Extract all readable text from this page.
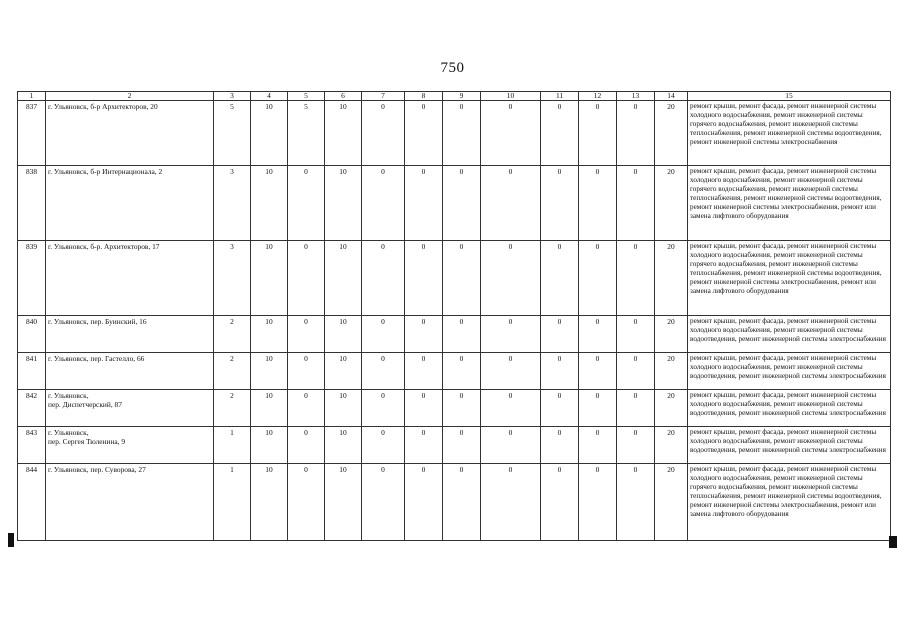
750
1	2	3	4	5	6	7	8	9	10	11	12	13	14	15
837	г. Ульяновск, б-р Архитекторов, 20	5	10	5	10	0	0	0	0	0	0	0	20	ремонт крыши, ремонт фасада, ремонт инженерной системы холодного водоснабжения, ремонт инженерной системы горячего водоснабжения, ремонт инженерной системы теплоснабжения, ремонт инженерной системы водоотведения, ремонт инженерной системы электроснабжения
838	г. Ульяновск, б-р Интернационала, 2	3	10	0	10	0	0	0	0	0	0	0	20	ремонт крыши, ремонт фасада, ремонт инженерной системы холодного водоснабжения, ремонт инженерной системы горячего водоснабжения, ремонт инженерной системы теплоснабжения, ремонт инженерной системы водоотведения, ремонт инженерной системы электроснабжения, ремонт или замена лифтового оборудования
839	г. Ульяновск, б-р. Архитекторов, 17	3	10	0	10	0	0	0	0	0	0	0	20	ремонт крыши, ремонт фасада, ремонт инженерной системы холодного водоснабжения, ремонт инженерной системы горячего водоснабжения, ремонт инженерной системы теплоснабжения, ремонт инженерной системы водоотведения, ремонт инженерной системы электроснабжения, ремонт или замена лифтового оборудования
840	г. Ульяновск, пер. Буинский, 16	2	10	0	10	0	0	0	0	0	0	0	20	ремонт крыши, ремонт фасада, ремонт инженерной системы холодного водоснабжения, ремонт инженерной системы водоотведения, ремонт инженерной системы электроснабжения
841	г. Ульяновск, пер. Гастелло, 66	2	10	0	10	0	0	0	0	0	0	0	20	ремонт крыши, ремонт фасада, ремонт инженерной системы холодного водоснабжения, ремонт инженерной системы водоотведения, ремонт инженерной системы электроснабжения
842	г. Ульяновск,
пер. Диспетчерский, 87	2	10	0	10	0	0	0	0	0	0	0	20	ремонт крыши, ремонт фасада, ремонт инженерной системы холодного водоснабжения, ремонт инженерной системы водоотведения, ремонт инженерной системы электроснабжения
843	г. Ульяновск,
пер. Сергея Тюленина, 9	1	10	0	10	0	0	0	0	0	0	0	20	ремонт крыши, ремонт фасада, ремонт инженерной системы холодного водоснабжения, ремонт инженерной системы водоотведения, ремонт инженерной системы электроснабжения
844	г. Ульяновск, пер. Суворова, 27	1	10	0	10	0	0	0	0	0	0	0	20	ремонт крыши, ремонт фасада, ремонт инженерной системы холодного водоснабжения, ремонт инженерной системы горячего водоснабжения, ремонт инженерной системы теплоснабжения, ремонт инженерной системы водоотведения, ремонт инженерной системы электроснабжения, ремонт или замена лифтового оборудования
